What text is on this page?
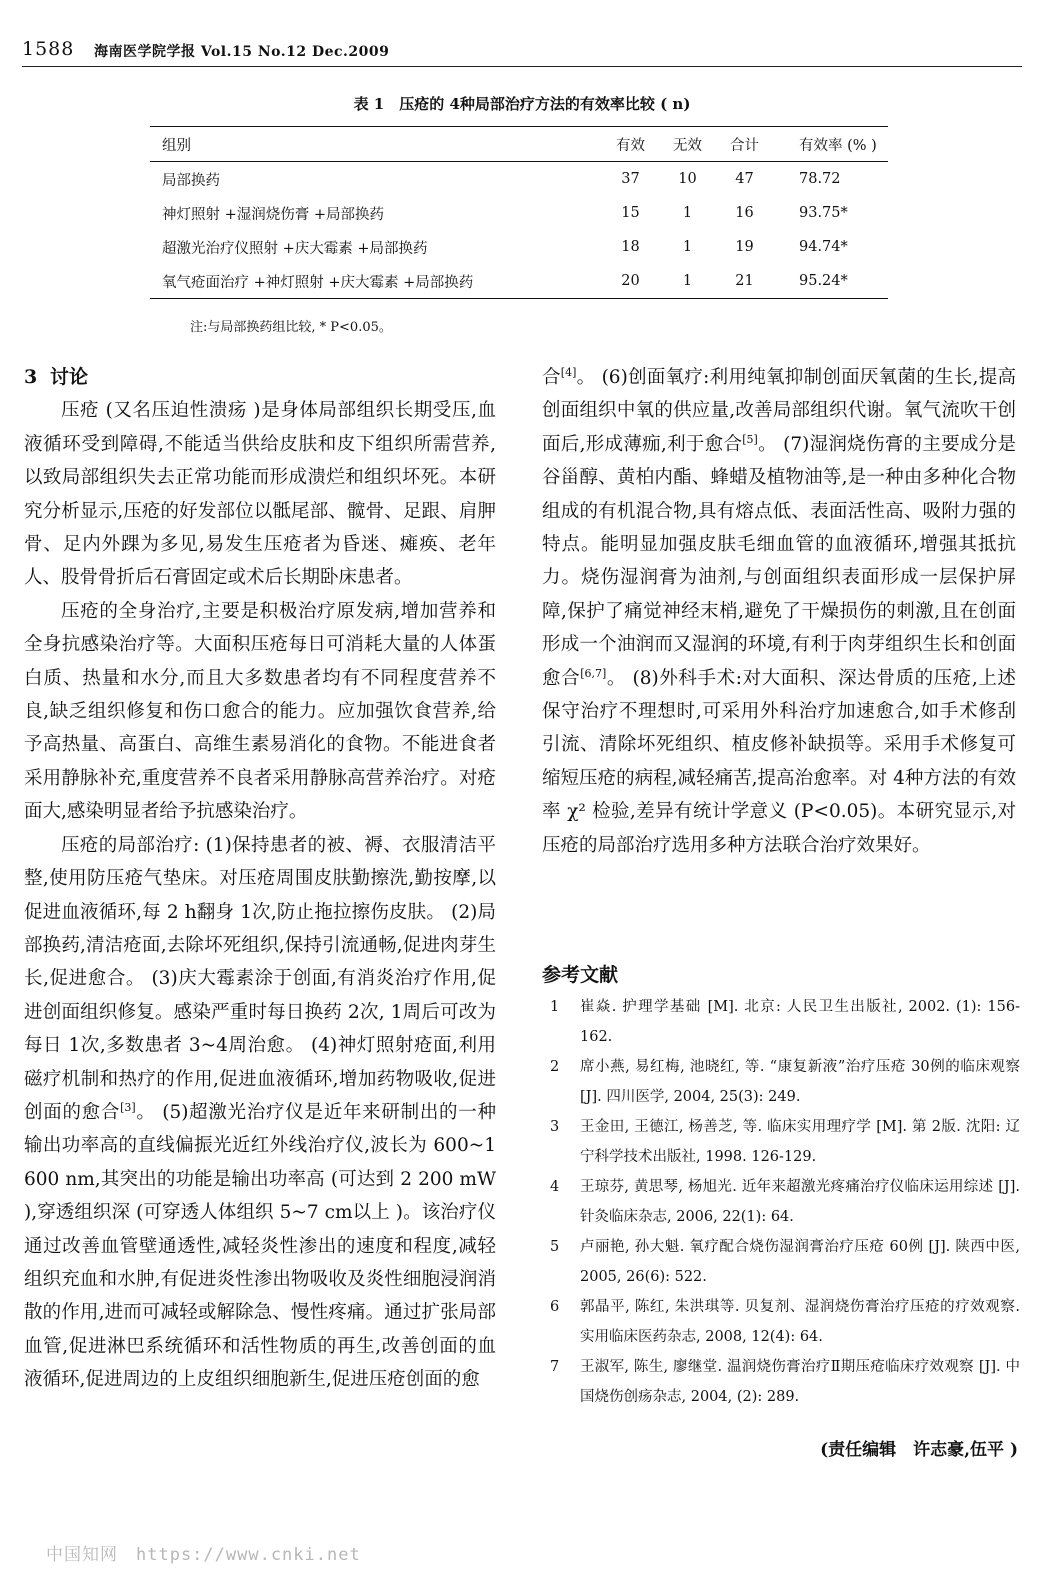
1588 海南医学院学报 Vol.15 No.12 Dec.2009
表 1　压疮的 4种局部治疗方法的有效率比较 ( n)
组别	有效	无效	合计	有效率 (% )
局部换药	37	10	47	78.72
神灯照射 +湿润烧伤膏 +局部换药	15	1	16	93.75*
超激光治疗仪照射 +庆大霉素 +局部换药	18	1	19	94.74*
氧气疮面治疗 +神灯照射 +庆大霉素 +局部换药	20	1	21	95.24*
注:与局部换药组比较, * P<0.05。

3 讨论

压疮 (又名压迫性溃疡 )是身体局部组织长期受压,血液循环受到障碍,不能适当供给皮肤和皮下组织所需营养,以致局部组织失去正常功能而形成溃烂和组织坏死。本研究分析显示,压疮的好发部位以骶尾部、髋骨、足跟、肩胛骨、足内外踝为多见,易发生压疮者为昏迷、瘫痪、老年人、股骨骨折后石膏固定或术后长期卧床患者。

压疮的全身治疗,主要是积极治疗原发病,增加营养和全身抗感染治疗等。大面积压疮每日可消耗大量的人体蛋白质、热量和水分,而且大多数患者均有不同程度营养不良,缺乏组织修复和伤口愈合的能力。应加强饮食营养,给予高热量、高蛋白、高维生素易消化的食物。不能进食者采用静脉补充,重度营养不良者采用静脉高营养治疗。对疮面大,感染明显者给予抗感染治疗。

压疮的局部治疗: (1)保持患者的被、褥、衣服清洁平整,使用防压疮气垫床。对压疮周围皮肤勤擦洗,勤按摩,以促进血液循环,每 2 h翻身 1次,防止拖拉擦伤皮肤。 (2)局部换药,清洁疮面,去除坏死组织,保持引流通畅,促进肉芽生长,促进愈合。 (3)庆大霉素涂于创面,有消炎治疗作用,促进创面组织修复。感染严重时每日换药 2次, 1周后可改为每日 1次,多数患者 3~4周治愈。 (4)神灯照射疮面,利用磁疗机制和热疗的作用,促进血液循环,增加药物吸收,促进创面的愈合[3]。 (5)超激光治疗仪是近年来研制出的一种输出功率高的直线偏振光近红外线治疗仪,波长为 600~1 600 nm,其突出的功能是输出功率高 (可达到 2 200 mW ),穿透组织深 (可穿透人体组织 5~7 cm以上 )。该治疗仪通过改善血管壁通透性,减轻炎性渗出的速度和程度,减轻组织充血和水肿,有促进炎性渗出物吸收及炎性细胞浸润消散的作用,进而可减轻或解除急、慢性疼痛。通过扩张局部血管,促进淋巴系统循环和活性物质的再生,改善创面的血液循环,促进周边的上皮组织细胞新生,促进压疮创面的愈

合[4]。 (6)创面氧疗:利用纯氧抑制创面厌氧菌的生长,提高创面组织中氧的供应量,改善局部组织代谢。氧气流吹干创面后,形成薄痂,利于愈合[5]。 (7)湿润烧伤膏的主要成分是谷甾醇、黄柏内酯、蜂蜡及植物油等,是一种由多种化合物组成的有机混合物,具有熔点低、表面活性高、吸附力强的特点。能明显加强皮肤毛细血管的血液循环,增强其抵抗力。烧伤湿润膏为油剂,与创面组织表面形成一层保护屏障,保护了痛觉神经末梢,避免了干燥损伤的刺激,且在创面形成一个油润而又湿润的环境,有利于肉芽组织生长和创面愈合[6,7]。 (8)外科手术:对大面积、深达骨质的压疮,上述保守治疗不理想时,可采用外科治疗加速愈合,如手术修刮引流、清除坏死组织、植皮修补缺损等。采用手术修复可缩短压疮的病程,减轻痛苦,提高治愈率。对 4种方法的有效率 χ² 检验,差异有统计学意义 (P<0.05)。本研究显示,对压疮的局部治疗选用多种方法联合治疗效果好。

参考文献
1 崔焱. 护理学基础 [M]. 北京: 人民卫生出版社, 2002. (1): 156-162.
2 席小燕, 易红梅, 池晓红, 等. “康复新液”治疗压疮 30例的临床观察 [J]. 四川医学, 2004, 25(3): 249.
3 王金田, 王德江, 杨善芝, 等. 临床实用理疗学 [M]. 第 2版. 沈阳: 辽宁科学技术出版社, 1998. 126-129.
4 王琼芬, 黄思琴, 杨旭光. 近年来超激光疼痛治疗仪临床运用综述 [J]. 针灸临床杂志, 2006, 22(1): 64.
5 卢丽艳, 孙大魁. 氧疗配合烧伤湿润膏治疗压疮 60例 [J]. 陕西中医, 2005, 26(6): 522.
6 郭晶平, 陈红, 朱洪琪等. 贝复剂、湿润烧伤膏治疗压疮的疗效观察. 实用临床医药杂志, 2008, 12(4): 64.
7 王淑军, 陈生, 廖继堂. 温润烧伤膏治疗Ⅱ期压疮临床疗效观察 [J]. 中国烧伤创疡杂志, 2004, (2): 289.
(责任编辑　许志豪,伍平 )
中国知网　https://www.cnki.net
